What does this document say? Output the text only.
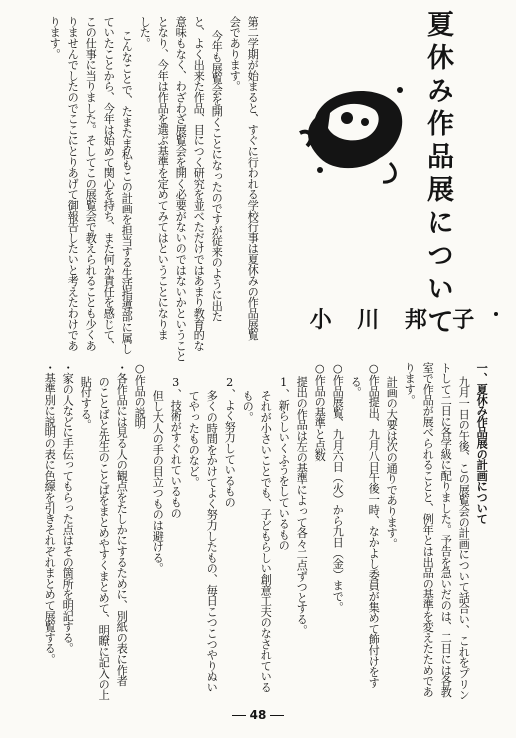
夏休み作品展について
小 川 邦 子
第二学期が始まると、すぐに行われる学校行事は夏休みの作品展覧
会であります。
今年も展覧会を開くことになったのですが従来のように出た
と、よく出来た作品、目につく研究を並べただけではあまり教育的な
意味もなく、わざわざ展覧会を開く必要がないのではないかということ
となり、今年は作品を選ぶ基準を定めてみてはということになりま
した。
こんなことで、たまたま私もこの計画を担当する生活指導部に属し
ていたことから、今年は始めて関心を持ち、また何か責任を感じて、
この仕事に当りました。そしてこの展覧会で教えられることも少くあ
りませんでしたのでここにとりあげて御報告したいと考えたわけであ
ります。
一、夏休み作品展の計画について
九月一日の午後、この展覧会の計画について話合い、これをプリン
トして二日に各学級に配りました。予告を急いだのは、二日には各教
室で作品が展べられることと、例年とは出品の基準を変えたためであ
ります。
計画の大要は次の通りであります。
○作品提出、九月八日午後一時、なかよし委員が集めて飾付けをす
る。
○作品展覧、九月六日（火）から九日（金）まで。
○作品の基準と点数
提出の作品は左の基準によって各々二点ずつとする。
1、新らしいくふうをしているもの
それが小さいことでも、子どもらしい創意工夫のなされている
もの。
2、よく努力しているもの
多くの時間をかけてよく努力したもの、毎日こつこつやりぬい
てやったものなど。
3、技術がすぐれているもの
但し大人の手の目立つものは避ける。
○作品の説明
・各作品には見る人の観点をたしかにするために、別紙の表に作者
のことばと先生のことばをまとめやすくまとめて、明瞭に記入の上
貼付する。
・家の人などに手伝ってもらった点はその箇所を明記する。
・基準別に説明の表に色線を引きそれぞれまとめて展覧する。
48
